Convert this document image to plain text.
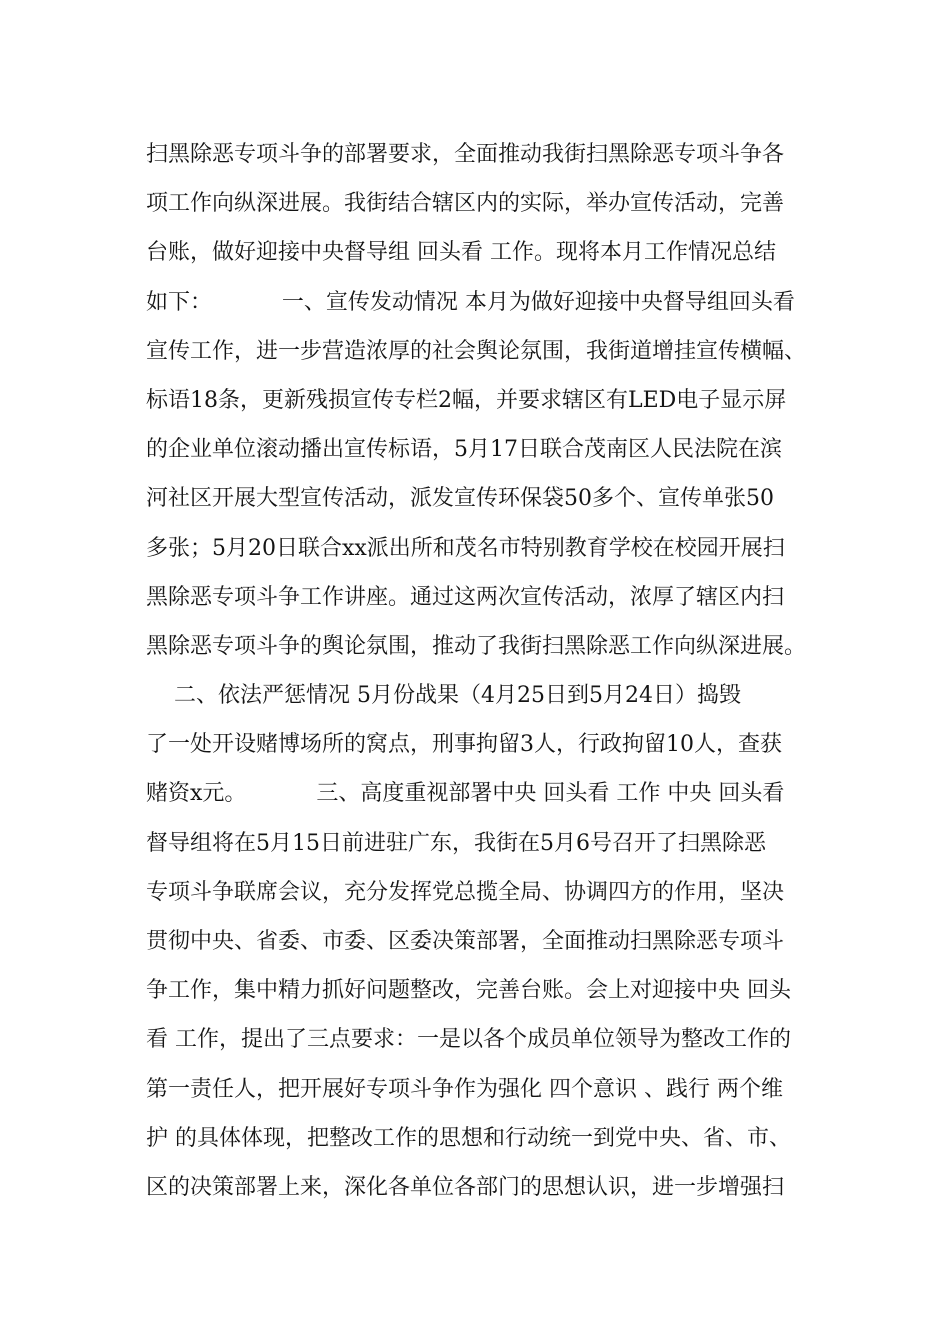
扫黑除恶专项斗争的部署要求，全面推动我街扫黑除恶专项斗争各
项工作向纵深进展。我街结合辖区内的实际，举办宣传活动，完善
台账，做好迎接中央督导组 回头看 工作。现将本月工作情况总结
如下：          一、宣传发动情况 本月为做好迎接中央督导组回头看
宣传工作，进一步营造浓厚的社会舆论氛围，我街道增挂宣传横幅、
标语18条，更新残损宣传专栏2幅，并要求辖区有LED电子显示屏
的企业单位滚动播出宣传标语，5月17日联合茂南区人民法院在滨
河社区开展大型宣传活动，派发宣传环保袋50多个、宣传单张50
多张；5月20日联合xx派出所和茂名市特别教育学校在校园开展扫
黑除恶专项斗争工作讲座。通过这两次宣传活动，浓厚了辖区内扫
黑除恶专项斗争的舆论氛围，推动了我街扫黑除恶工作向纵深进展。
二、依法严惩情况 5月份战果（4月25日到5月24日）捣毁
了一处开设赌博场所的窝点，刑事拘留3人，行政拘留10人，查获
赌资x元。          三、高度重视部署中央 回头看 工作 中央 回头看
督导组将在5月15日前进驻广东，我街在5月6号召开了扫黑除恶
专项斗争联席会议，充分发挥党总揽全局、协调四方的作用，坚决
贯彻中央、省委、市委、区委决策部署，全面推动扫黑除恶专项斗
争工作，集中精力抓好问题整改，完善台账。会上对迎接中央 回头
看 工作，提出了三点要求：一是以各个成员单位领导为整改工作的
第一责任人，把开展好专项斗争作为强化 四个意识 、践行 两个维
护 的具体体现，把整改工作的思想和行动统一到党中央、省、市、
区的决策部署上来，深化各单位各部门的思想认识，进一步增强扫
